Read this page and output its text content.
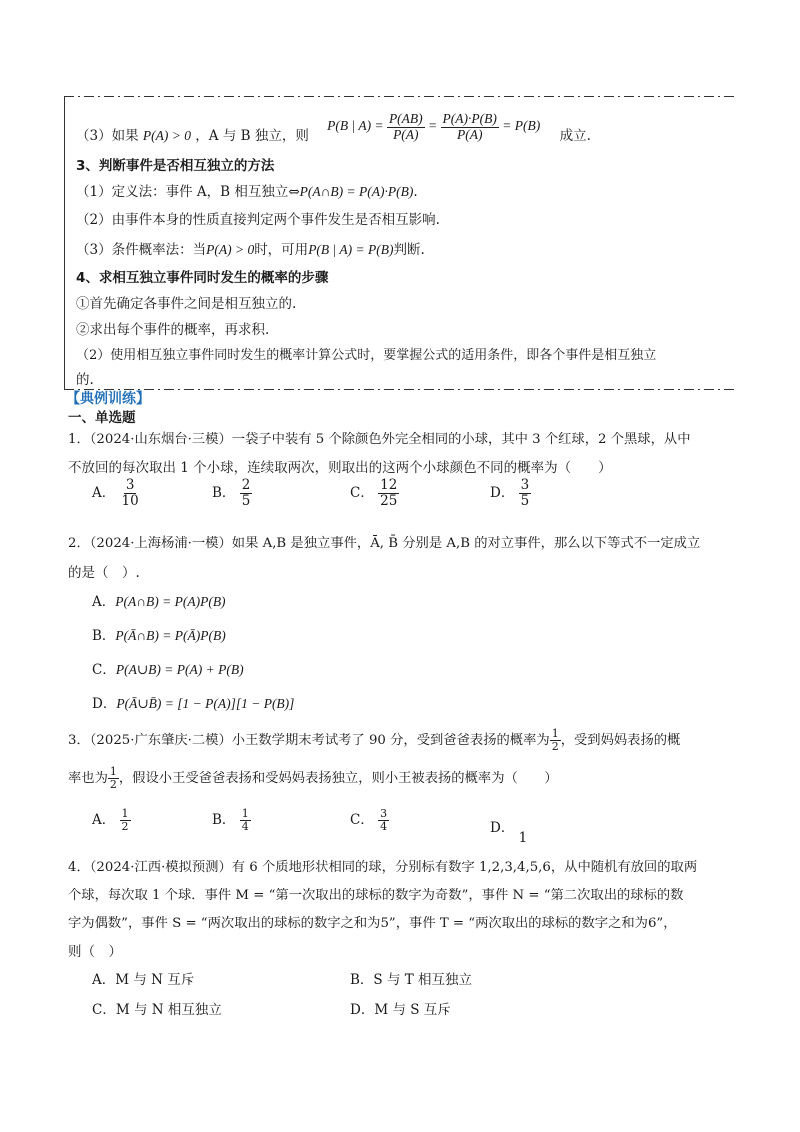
（3）如果 P(A) > 0 ，A 与 B 独立，则 P(B | $A) = \frac{P(AB)}{P(A)} = \frac{P(A)\cdot P(B)}{P(A)} = P(B)$ 成立.
3、判断事件是否相互独立的方法
（1）定义法：事件 A，B 相互独立⇔P(A∩B) = P(A)·P(B).
（2）由事件本身的性质直接判定两个事件发生是否相互影响.
（3）条件概率法：当P(A) > 0时，可用P(B | A) = P(B)判断.
4、求相互独立事件同时发生的概率的步骤
①首先确定各事件之间是相互独立的.
②求出每个事件的概率，再求积.
（2）使用相互独立事件同时发生的概率计算公式时，要掌握公式的适用条件，即各个事件是相互独立
的.
【典例训练】
一、单选题
1．（2024·山东烟台·三模）一袋子中装有 5 个除颜色外完全相同的小球，其中 3 个红球，2 个黑球，从中
不放回的每次取出 1 个小球，连续取两次，则取出的这两个小球颜色不同的概率为（　　）
A． $\frac{3}{10}$	B． $\frac{2}{5}$	C． $\frac{12}{25}$	D． $\frac{3}{5}$
2．（2024·上海杨浦·一模）如果 A,B 是独立事件，Ā, B̄ 分别是 A,B 的对立事件，那么以下等式不一定成立
的是（　）.
A．P(A∩B) = P(A)P(B)
B．P(Ā∩B) = P(Ā)P(B)
C．P(A∪B) = P(A) + P(B)
D．P(Ā∪B̄) = [1 − P(A)][1 − P(B)]
3．（2025·广东肇庆·二模）小王数学期末考试考了 90 分，受到爸爸表扬的概率为 $\frac{1}{2}$ ，受到妈妈表扬的概
率也为 $\frac{1}{2}$ ，假设小王受爸爸表扬和受妈妈表扬独立，则小王被表扬的概率为（　　）
A． $\frac{1}{2}$	B． $\frac{1}{4}$	C． $\frac{3}{4}$	D． 1
4．（2024·江西·模拟预测）有 6 个质地形状相同的球，分别标有数字 1,2,3,4,5,6，从中随机有放回的取两
个球，每次取 1 个球．事件 M = “第一次取出的球标的数字为奇数”，事件 N = “第二次取出的球标的数
字为偶数”，事件 S = “两次取出的球标的数字之和为5”，事件 T = “两次取出的球标的数字之和为6”，
则（　）
A．M 与 N 互斥	B．S 与 T 相互独立
C．M 与 N 相互独立	D．M 与 S 互斥
